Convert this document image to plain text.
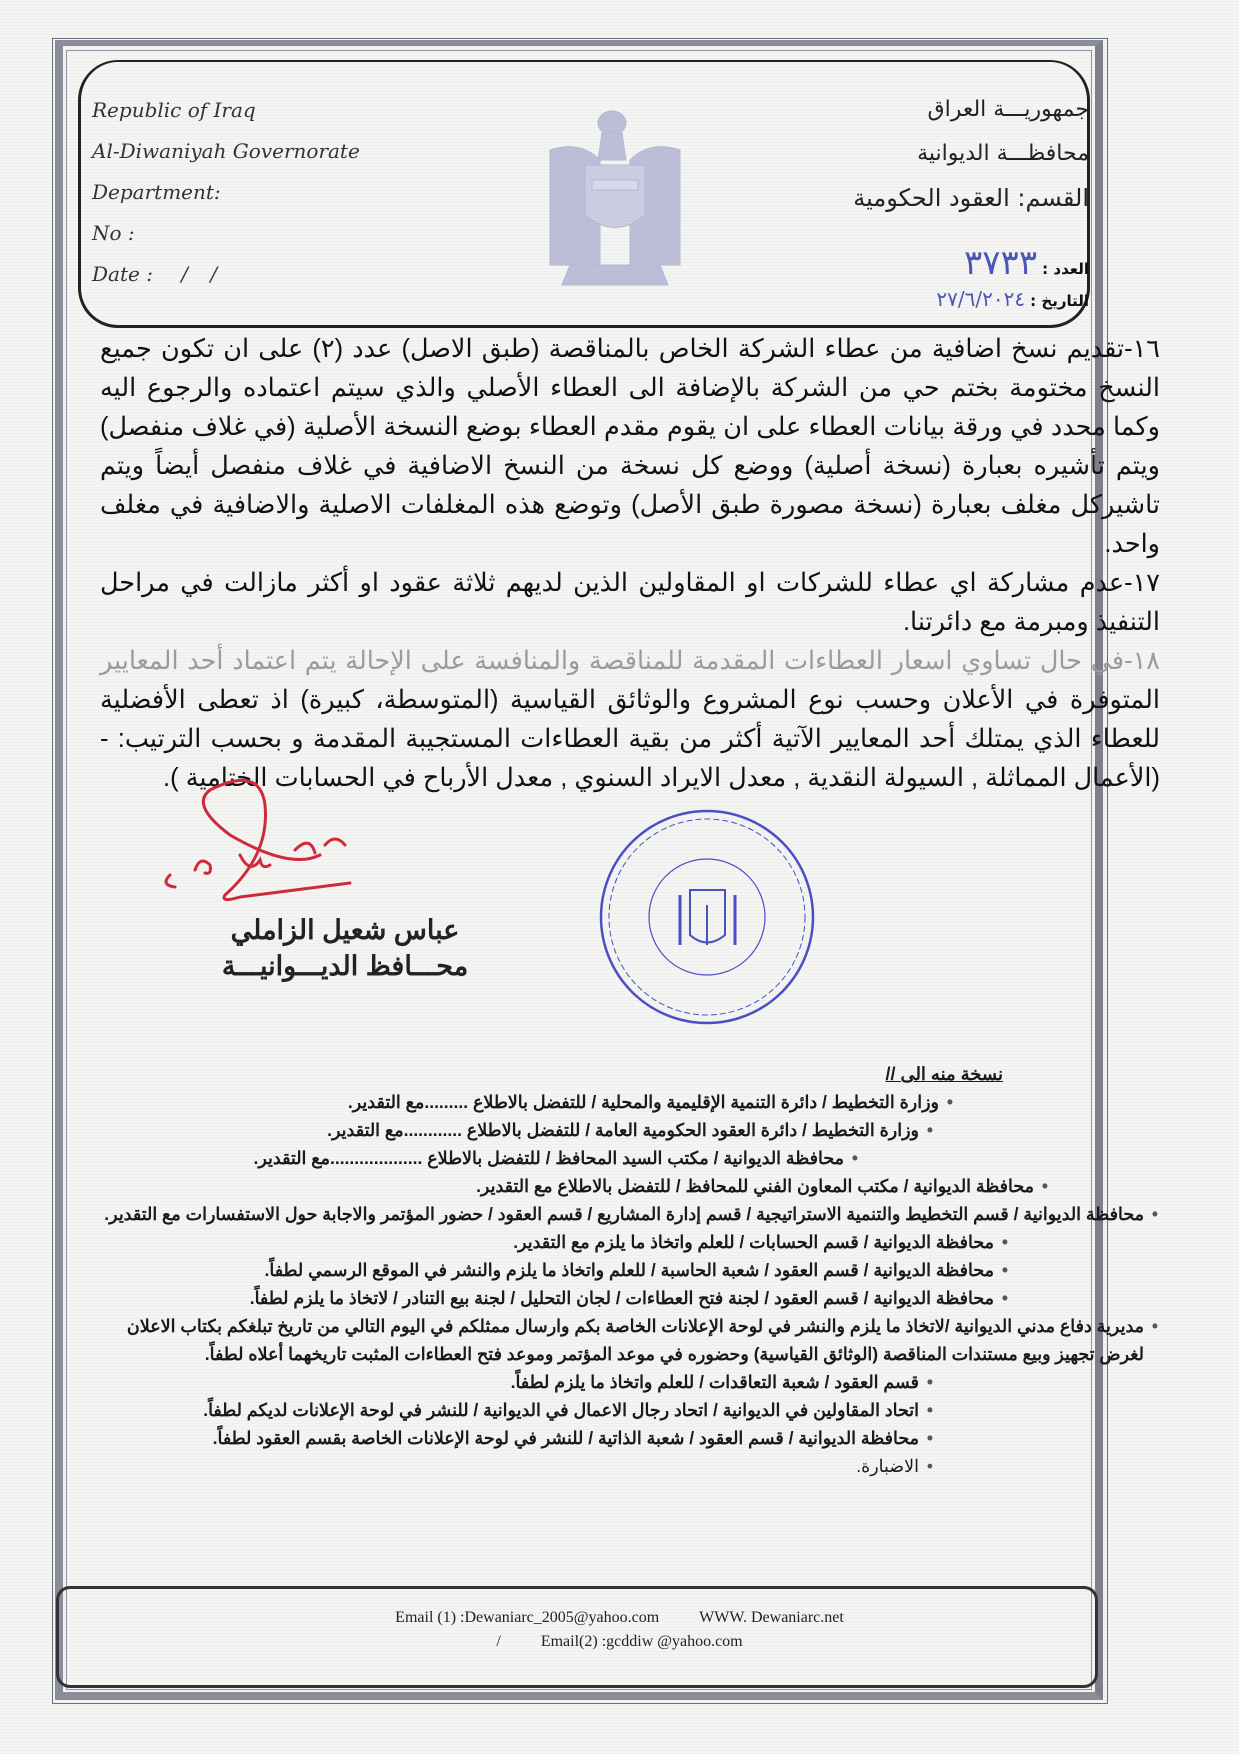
Republic of Iraq
Al-Diwaniyah Governorate
Department:
No :
Date : / /
جمهوريـــة العراق
محافظـــة الديوانية
القسم: العقود الحكومية
العدد : ٣٧٣٣
التاريخ : ٢٧/٦/٢٠٢٤

١٦-تقديم نسخ اضافية من عطاء الشركة الخاص بالمناقصة (طبق الاصل) عدد (٢) على ان تكون جميع النسخ مختومة بختم حي من الشركة بالإضافة الى العطاء الأصلي والذي سيتم اعتماده والرجوع اليه وكما محدد في ورقة بيانات العطاء على ان يقوم مقدم العطاء بوضع النسخة الأصلية (في غلاف منفصل) ويتم تأشيره بعبارة (نسخة أصلية) ووضع كل نسخة من النسخ الاضافية في غلاف منفصل أيضاً ويتم تاشيركل مغلف بعبارة (نسخة مصورة طبق الأصل) وتوضع هذه المغلفات الاصلية والاضافية في مغلف واحد.

١٧-عدم مشاركة اي عطاء للشركات او المقاولين الذين لديهم ثلاثة عقود او أكثر مازالت في مراحل التنفيذ ومبرمة مع دائرتنا.

١٨-في حال تساوي اسعار العطاءات المقدمة للمناقصة والمنافسة على الإحالة يتم اعتماد أحد المعايير المتوفرة في الأعلان وحسب نوع المشروع والوثائق القياسية (المتوسطة، كبيرة) اذ تعطى الأفضلية للعطاء الذي يمتلك أحد المعايير الآتية أكثر من بقية العطاءات المستجيبة المقدمة و بحسب الترتيب: - (الأعمال المماثلة , السيولة النقدية , معدل الايراد السنوي , معدل الأرباح في الحسابات الختامية ).

عباس شعيل الزاملي
محـــافظ الديـــوانيـــة
نسخة منه الى //
• وزارة التخطيط / دائرة التنمية الإقليمية والمحلية / للتفضل بالاطلاع .........مع التقدير.
• وزارة التخطيط / دائرة العقود الحكومية العامة / للتفضل بالاطلاع ............مع التقدير.
• محافظة الديوانية / مكتب السيد المحافظ / للتفضل بالاطلاع ...................مع التقدير.
• محافظة الديوانية / مكتب المعاون الفني للمحافظ / للتفضل بالاطلاع مع التقدير.
• محافظة الديوانية / قسم التخطيط والتنمية الاستراتيجية / قسم إدارة المشاريع / قسم العقود / حضور المؤتمر والاجابة حول الاستفسارات مع التقدير.
• محافظة الديوانية / قسم الحسابات / للعلم واتخاذ ما يلزم مع التقدير.
• محافظة الديوانية / قسم العقود / شعبة الحاسبة / للعلم واتخاذ ما يلزم والنشر في الموقع الرسمي لطفاً.
• محافظة الديوانية / قسم العقود / لجنة فتح العطاءات / لجان التحليل / لجنة بيع التنادر / لاتخاذ ما يلزم لطفاً.
• مديرية دفاع مدني الديوانية /لاتخاذ ما يلزم والنشر في لوحة الإعلانات الخاصة بكم وارسال ممثلكم في اليوم التالي من تاريخ تبلغكم بكتاب الاعلان لغرض تجهيز وبيع مستندات المناقصة (الوثائق القياسية) وحضوره في موعد المؤتمر وموعد فتح العطاءات المثبت تاريخهما أعلاه لطفاً.
• قسم العقود / شعبة التعاقدات / للعلم واتخاذ ما يلزم لطفاً.
• اتحاد المقاولين في الديوانية / اتحاد رجال الاعمال في الديوانية / للنشر في لوحة الإعلانات لديكم لطفاً.
• محافظة الديوانية / قسم العقود / شعبة الذاتية / للنشر في لوحة الإعلانات الخاصة بقسم العقود لطفاً.
• الاضبارة.
Email (1) :Dewaniarc_2005@yahoo.com	WWW. Dewaniarc.net
/	Email(2) :gcddiw @yahoo.com
